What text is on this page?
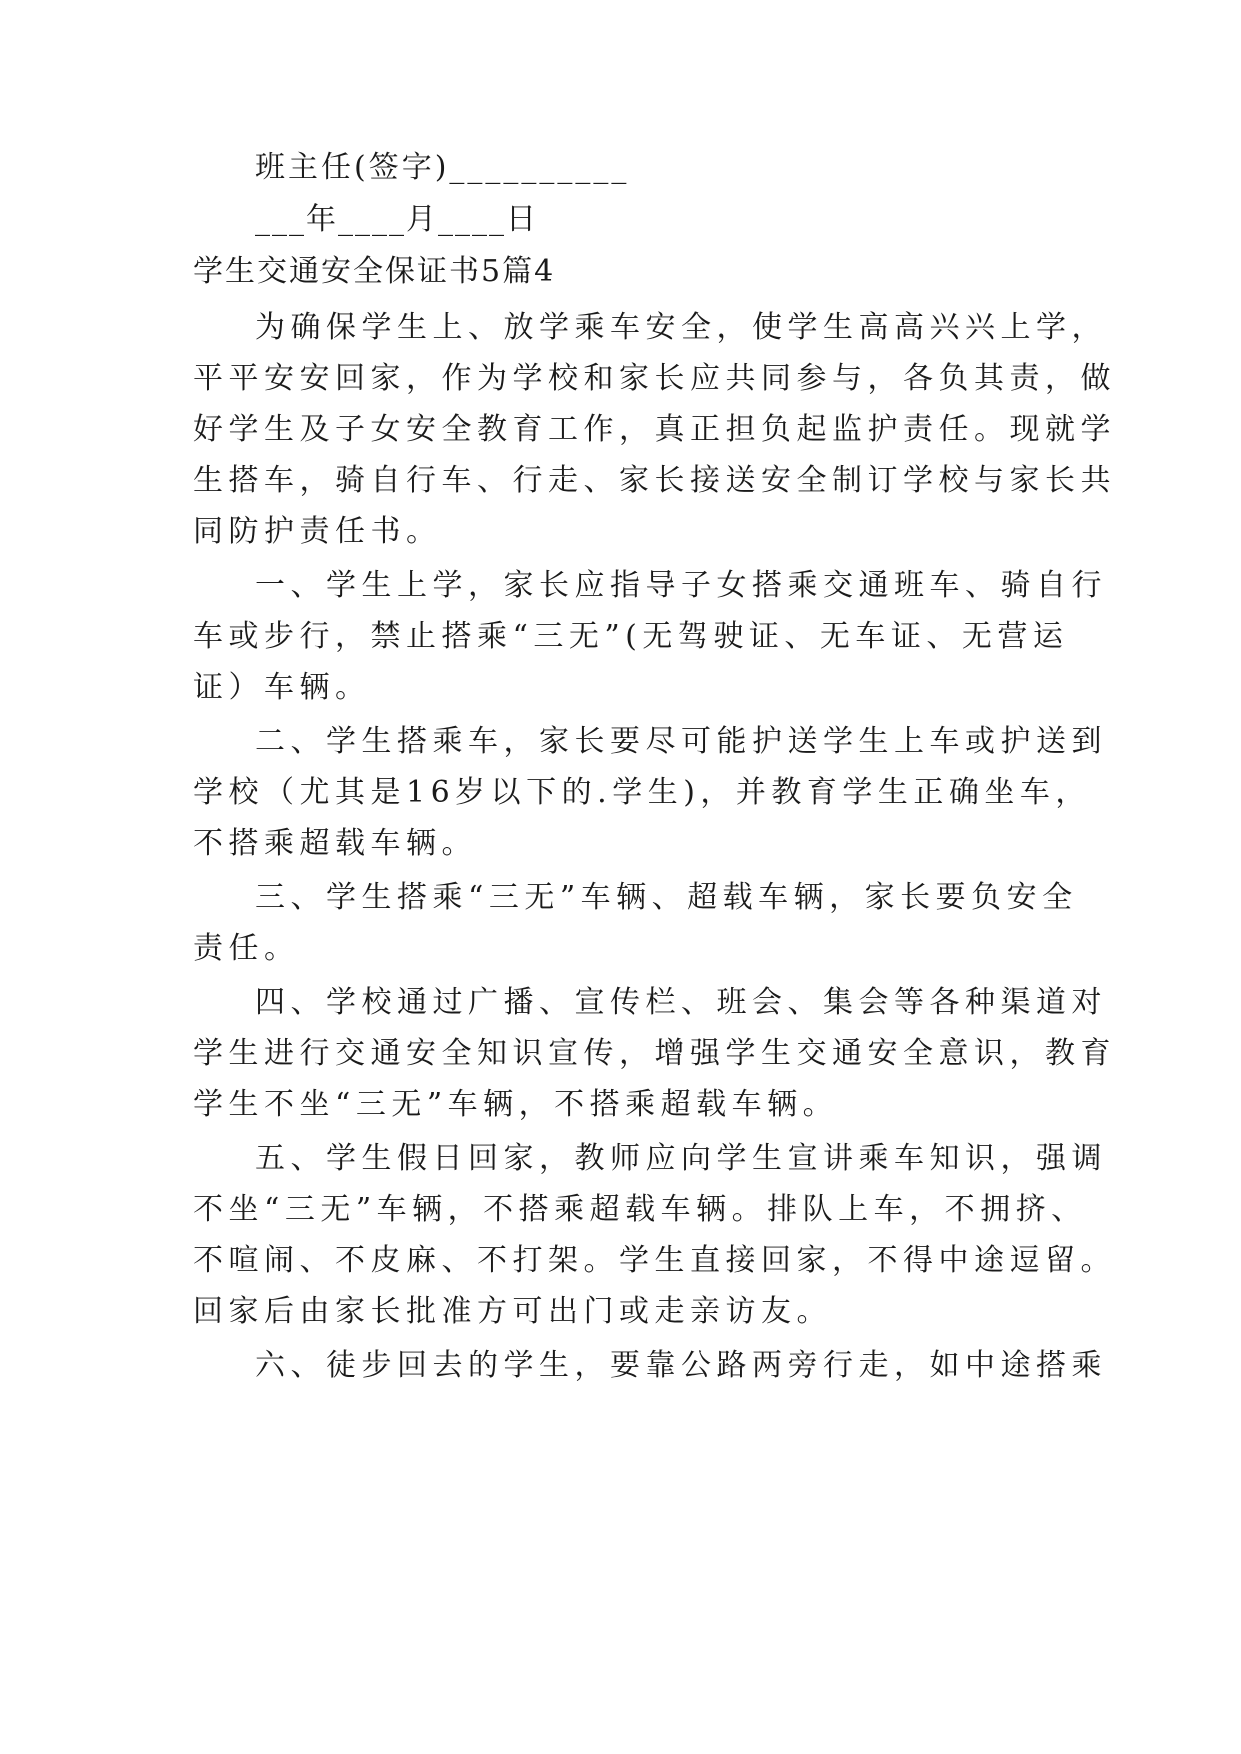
班主任(签字)__________
___年____月____日
学生交通安全保证书5篇4
为确保学生上、放学乘车安全，使学生高高兴兴上学，
平平安安回家，作为学校和家长应共同参与，各负其责，做
好学生及子女安全教育工作，真正担负起监护责任。现就学
生搭车，骑自行车、行走、家长接送安全制订学校与家长共
同防护责任书。
一、学生上学，家长应指导子女搭乘交通班车、骑自行
车或步行，禁止搭乘“三无”(无驾驶证、无车证、无营运
证）车辆。
二、学生搭乘车，家长要尽可能护送学生上车或护送到
学校（尤其是16岁以下的.学生)，并教育学生正确坐车，
不搭乘超载车辆。
三、学生搭乘“三无”车辆、超载车辆，家长要负安全
责任。
四、学校通过广播、宣传栏、班会、集会等各种渠道对
学生进行交通安全知识宣传，增强学生交通安全意识，教育
学生不坐“三无”车辆，不搭乘超载车辆。
五、学生假日回家，教师应向学生宣讲乘车知识，强调
不坐“三无”车辆，不搭乘超载车辆。排队上车，不拥挤、
不喧闹、不皮麻、不打架。学生直接回家，不得中途逗留。
回家后由家长批准方可出门或走亲访友。
六、徒步回去的学生，要靠公路两旁行走，如中途搭乘
